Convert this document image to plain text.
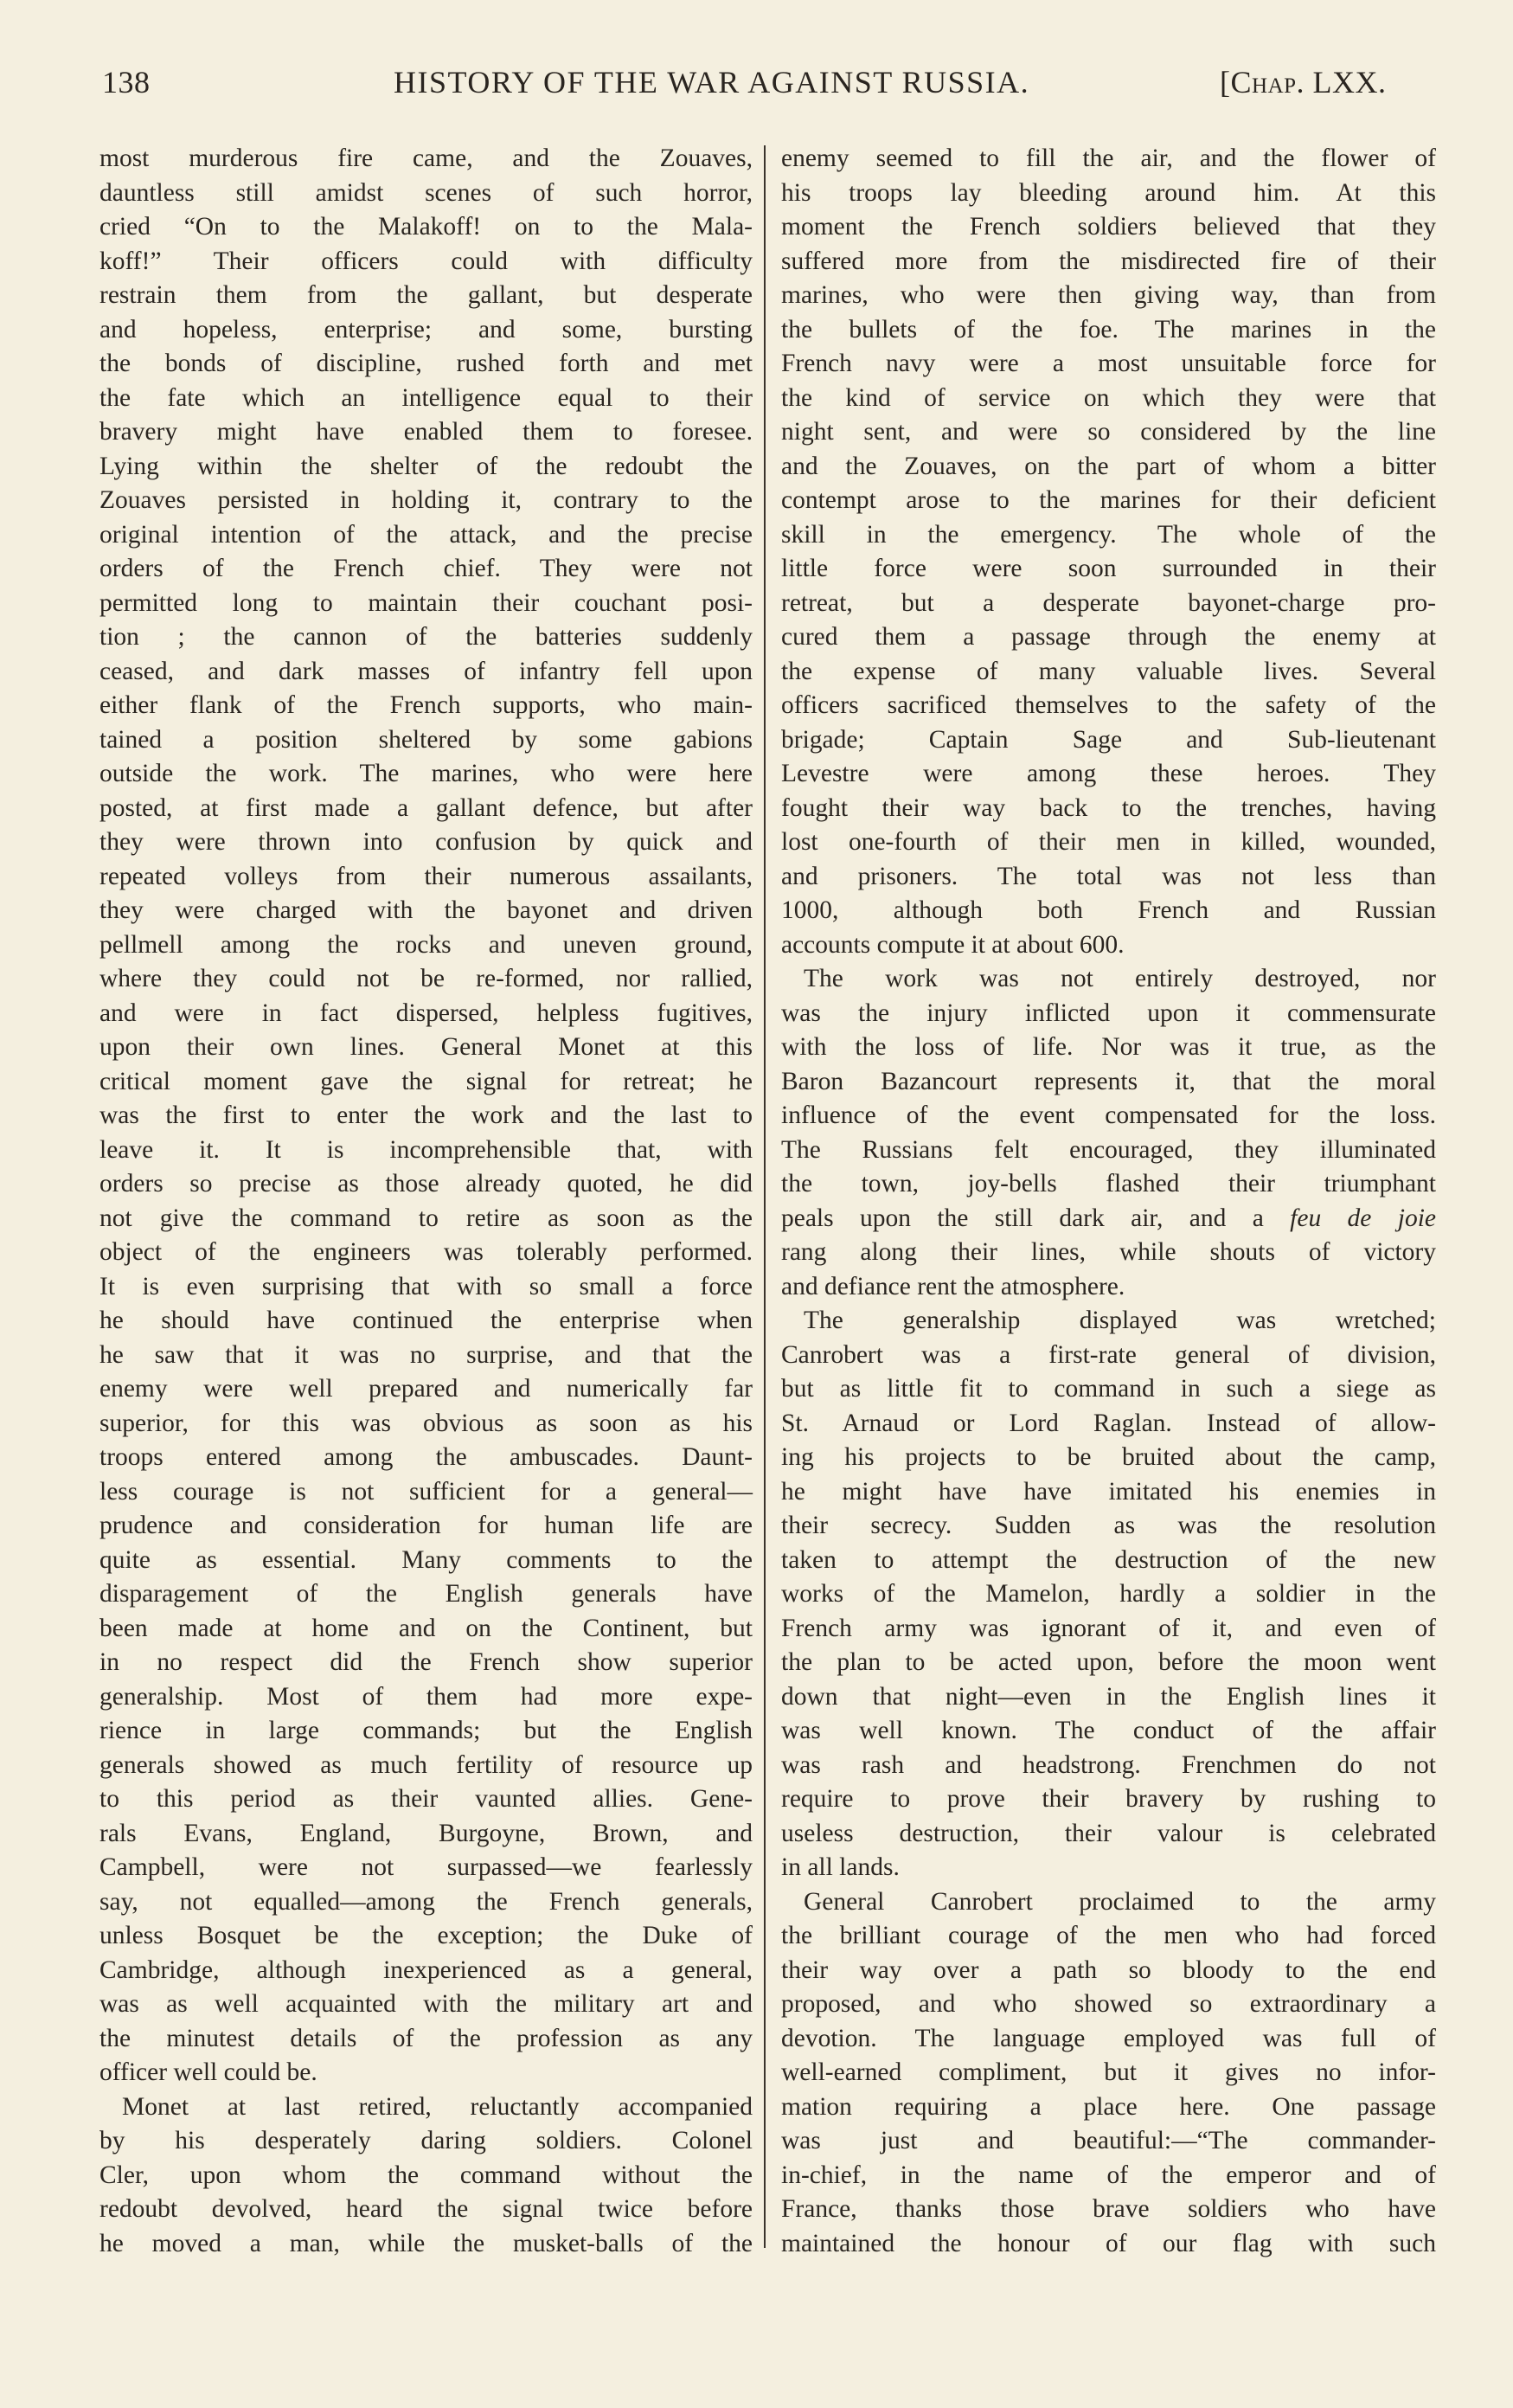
138	HISTORY OF THE WAR AGAINST RUSSIA.	[Chap. LXX.
most murderous fire came, and the Zouaves,
dauntless still amidst scenes of such horror,
cried “On to the Malakoff! on to the Mala-
koff!” Their officers could with difficulty
restrain them from the gallant, but desperate
and hopeless, enterprise; and some, bursting
the bonds of discipline, rushed forth and met
the fate which an intelligence equal to their
bravery might have enabled them to foresee.
Lying within the shelter of the redoubt the
Zouaves persisted in holding it, contrary to the
original intention of the attack, and the precise
orders of the French chief. They were not
permitted long to maintain their couchant posi-
tion ; the cannon of the batteries suddenly
ceased, and dark masses of infantry fell upon
either flank of the French supports, who main-
tained a position sheltered by some gabions
outside the work. The marines, who were here
posted, at first made a gallant defence, but after
they were thrown into confusion by quick and
repeated volleys from their numerous assailants,
they were charged with the bayonet and driven
pellmell among the rocks and uneven ground,
where they could not be re-formed, nor rallied,
and were in fact dispersed, helpless fugitives,
upon their own lines. General Monet at this
critical moment gave the signal for retreat; he
was the first to enter the work and the last to
leave it. It is incomprehensible that, with
orders so precise as those already quoted, he did
not give the command to retire as soon as the
object of the engineers was tolerably performed.
It is even surprising that with so small a force
he should have continued the enterprise when
he saw that it was no surprise, and that the
enemy were well prepared and numerically far
superior, for this was obvious as soon as his
troops entered among the ambuscades. Daunt-
less courage is not sufficient for a general—
prudence and consideration for human life are
quite as essential. Many comments to the
disparagement of the English generals have
been made at home and on the Continent, but
in no respect did the French show superior
generalship. Most of them had more expe-
rience in large commands; but the English
generals showed as much fertility of resource up
to this period as their vaunted allies. Gene-
rals Evans, England, Burgoyne, Brown, and
Campbell, were not surpassed—we fearlessly
say, not equalled—among the French generals,
unless Bosquet be the exception; the Duke of
Cambridge, although inexperienced as a general,
was as well acquainted with the military art and
the minutest details of the profession as any
officer well could be.
Monet at last retired, reluctantly accompanied
by his desperately daring soldiers. Colonel
Cler, upon whom the command without the
redoubt devolved, heard the signal twice before
he moved a man, while the musket-balls of the
enemy seemed to fill the air, and the flower of
his troops lay bleeding around him. At this
moment the French soldiers believed that they
suffered more from the misdirected fire of their
marines, who were then giving way, than from
the bullets of the foe. The marines in the
French navy were a most unsuitable force for
the kind of service on which they were that
night sent, and were so considered by the line
and the Zouaves, on the part of whom a bitter
contempt arose to the marines for their deficient
skill in the emergency. The whole of the
little force were soon surrounded in their
retreat, but a desperate bayonet-charge pro-
cured them a passage through the enemy at
the expense of many valuable lives. Several
officers sacrificed themselves to the safety of the
brigade; Captain Sage and Sub-lieutenant
Levestre were among these heroes. They
fought their way back to the trenches, having
lost one-fourth of their men in killed, wounded,
and prisoners. The total was not less than
1000, although both French and Russian
accounts compute it at about 600.
The work was not entirely destroyed, nor
was the injury inflicted upon it commensurate
with the loss of life. Nor was it true, as the
Baron Bazancourt represents it, that the moral
influence of the event compensated for the loss.
The Russians felt encouraged, they illuminated
the town, joy-bells flashed their triumphant
peals upon the still dark air, and a feu de joie
rang along their lines, while shouts of victory
and defiance rent the atmosphere.
The generalship displayed was wretched;
Canrobert was a first-rate general of division,
but as little fit to command in such a siege as
St. Arnaud or Lord Raglan. Instead of allow-
ing his projects to be bruited about the camp,
he might have have imitated his enemies in
their secrecy. Sudden as was the resolution
taken to attempt the destruction of the new
works of the Mamelon, hardly a soldier in the
French army was ignorant of it, and even of
the plan to be acted upon, before the moon went
down that night—even in the English lines it
was well known. The conduct of the affair
was rash and headstrong. Frenchmen do not
require to prove their bravery by rushing to
useless destruction, their valour is celebrated
in all lands.
General Canrobert proclaimed to the army
the brilliant courage of the men who had forced
their way over a path so bloody to the end
proposed, and who showed so extraordinary a
devotion. The language employed was full of
well-earned compliment, but it gives no infor-
mation requiring a place here. One passage
was just and beautiful:—“The commander-
in-chief, in the name of the emperor and of
France, thanks those brave soldiers who have
maintained the honour of our flag with such
